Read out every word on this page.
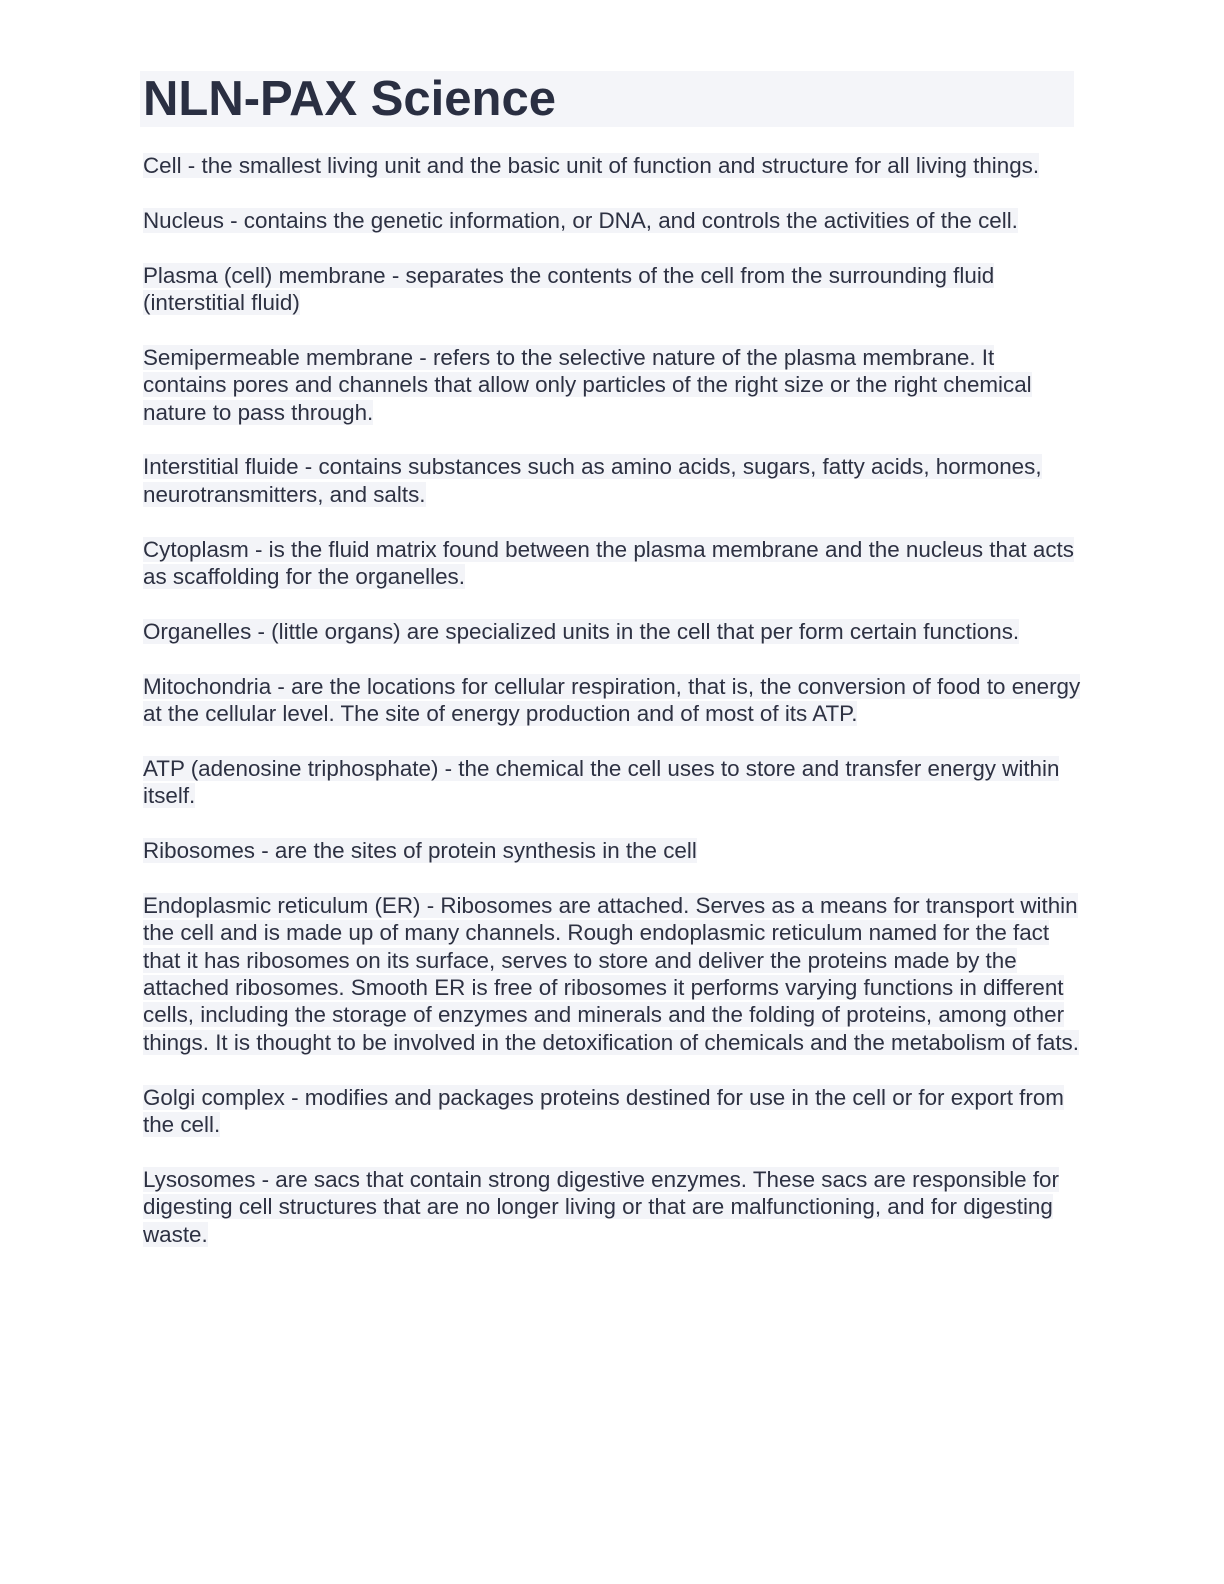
NLN-PAX Science

Cell - the smallest living unit and the basic unit of function and structure for all living things.

Nucleus - contains the genetic information, or DNA, and controls the activities of the cell.

Plasma (cell) membrane - separates the contents of the cell from the surrounding fluid (interstitial fluid)

Semipermeable membrane - refers to the selective nature of the plasma membrane. It contains pores and channels that allow only particles of the right size or the right chemical nature to pass through.

Interstitial fluide - contains substances such as amino acids, sugars, fatty acids, hormones, neurotransmitters, and salts.

Cytoplasm - is the fluid matrix found between the plasma membrane and the nucleus that acts as scaffolding for the organelles.

Organelles - (little organs) are specialized units in the cell that per form certain functions.

Mitochondria - are the locations for cellular respiration, that is, the conversion of food to energy at the cellular level. The site of energy production and of most of its ATP.

ATP (adenosine triphosphate) - the chemical the cell uses to store and transfer energy within itself.

Ribosomes - are the sites of protein synthesis in the cell

Endoplasmic reticulum (ER) - Ribosomes are attached. Serves as a means for transport within the cell and is made up of many channels. Rough endoplasmic reticulum named for the fact that it has ribosomes on its surface, serves to store and deliver the proteins made by the attached ribosomes. Smooth ER is free of ribosomes it performs varying functions in different cells, including the storage of enzymes and minerals and the folding of proteins, among other things. It is thought to be involved in the detoxification of chemicals and the metabolism of fats.

Golgi complex - modifies and packages proteins destined for use in the cell or for export from the cell.

Lysosomes - are sacs that contain strong digestive enzymes. These sacs are responsible for digesting cell structures that are no longer living or that are malfunctioning, and for digesting waste.
